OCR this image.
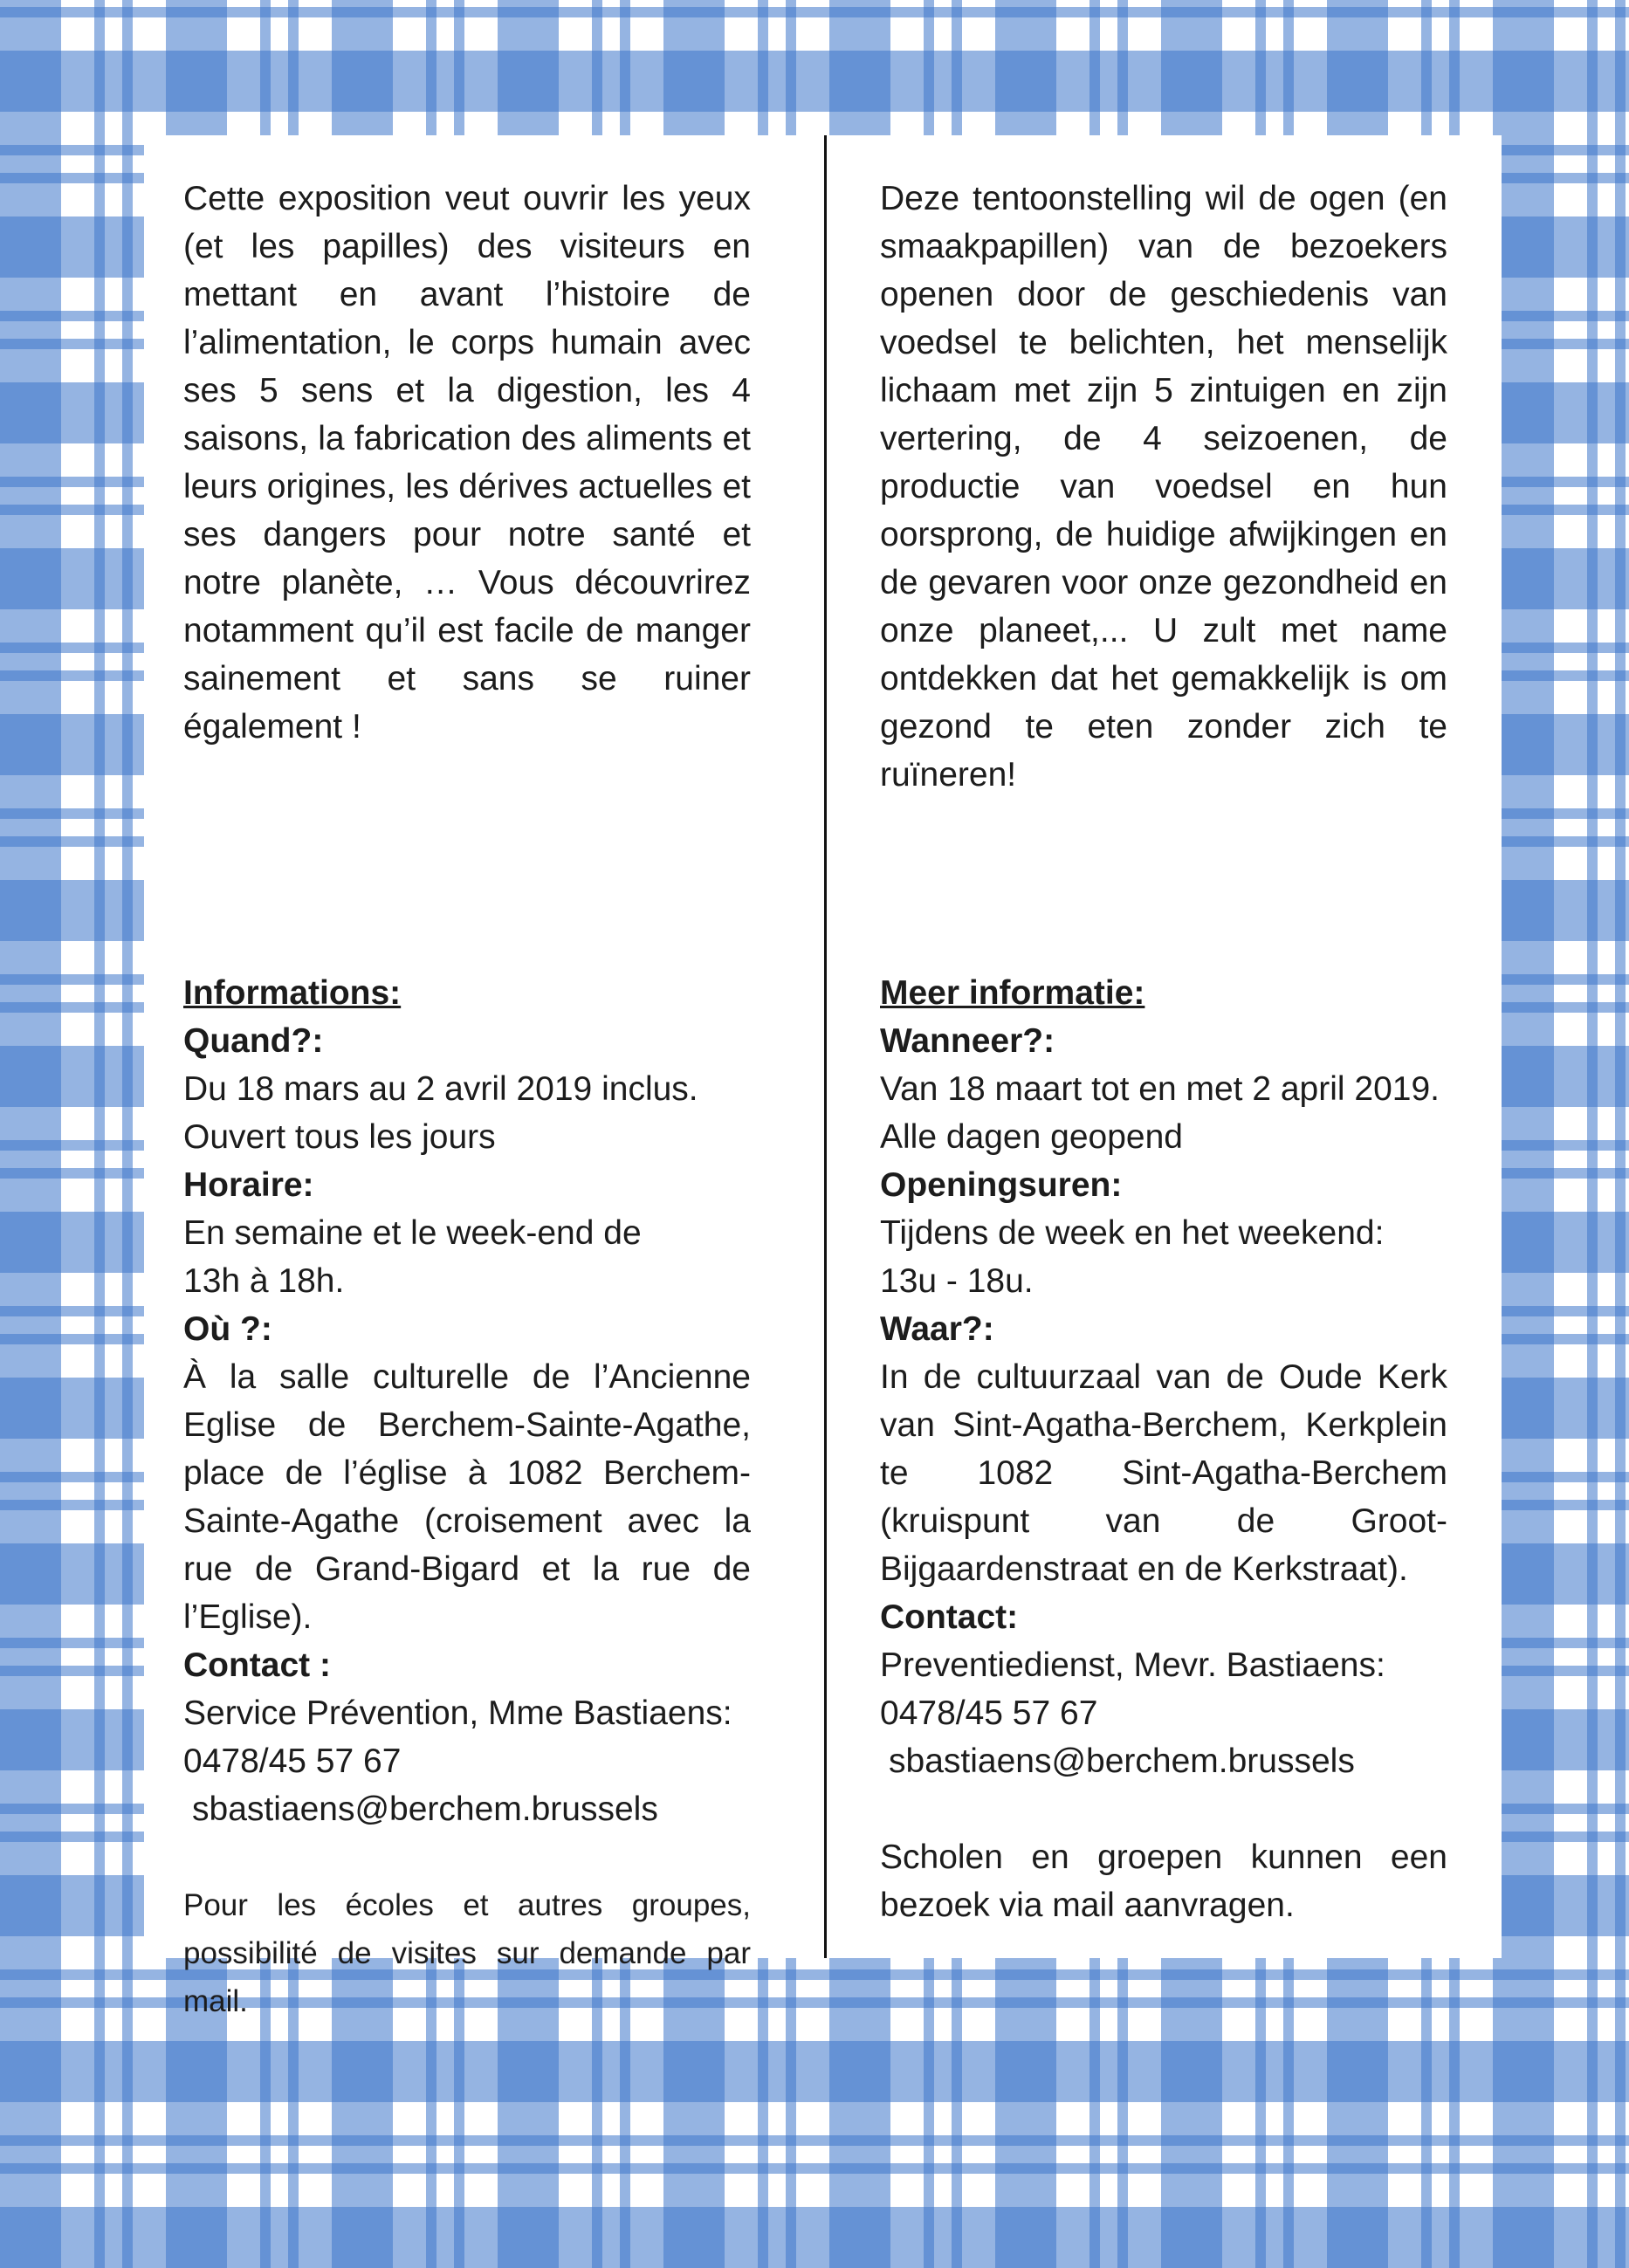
Cette exposition veut ouvrir les yeux (et les papilles) des visiteurs en mettant en avant l’histoire de l’alimentation, le corps humain avec ses 5 sens et la digestion, les 4 saisons, la fabrication des aliments et leurs origines, les dérives actuelles et ses dangers pour notre santé et notre planète, … Vous découvrirez notamment qu’il est facile de manger sainement et sans se ruiner également !

Informations:

Quand?:

Du 18 mars au 2 avril 2019 inclus.

Ouvert tous les jours

Horaire:

En semaine et le week-end de

13h à 18h.

Où ?:

À la salle culturelle de l’Ancienne Eglise de Berchem-Sainte-Agathe, place de l’église à 1082 Berchem-Sainte-Agathe (croisement avec la rue de Grand-Bigard et la rue de l’Eglise).

Contact :

Service Prévention, Mme Bastiaens:

0478/45 57 67

sbastiaens@berchem.brussels

Pour les écoles et autres groupes, possibilité de visites sur demande par mail.

Deze tentoonstelling wil de ogen (en smaakpapillen) van de bezoekers openen door de geschiedenis van voedsel te belichten, het menselijk lichaam met zijn 5 zintuigen en zijn vertering, de 4 seizoenen, de productie van voedsel en hun oorsprong, de huidige afwijkingen en de gevaren voor onze gezondheid en onze planeet,... U zult met name ontdekken dat het gemakkelijk is om gezond te eten zonder zich te ruïneren!

Meer informatie:

Wanneer?:

Van 18 maart tot en met 2 april 2019.

Alle dagen geopend

Openingsuren:

Tijdens de week en het weekend:

13u - 18u.

Waar?:

In de cultuurzaal van de Oude Kerk van Sint-Agatha-Berchem, Kerkplein te 1082 Sint-Agatha-Berchem (kruispunt van de Groot-Bijgaardenstraat en de Kerkstraat).

Contact:

Preventiedienst, Mevr. Bastiaens:

0478/45 57 67

sbastiaens@berchem.brussels

Scholen en groepen kunnen een bezoek via mail aanvragen.
